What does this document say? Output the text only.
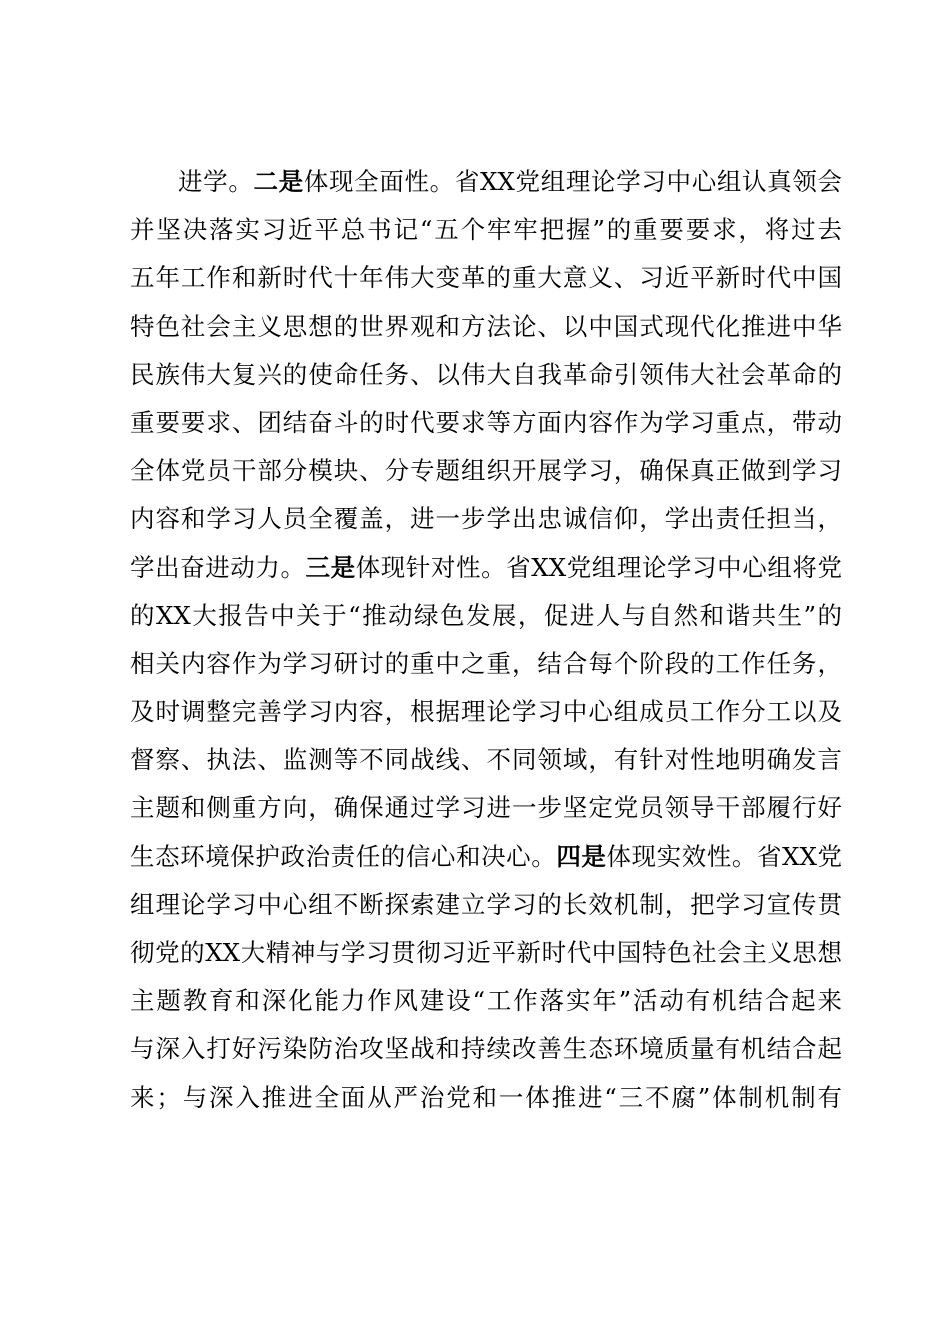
进学。二是体现全面性。省XX党组理论学习中心组认真领会
并坚决落实习近平总书记“五个牢牢把握”的重要要求，将过去
五年工作和新时代十年伟大变革的重大意义、习近平新时代中国
特色社会主义思想的世界观和方法论、以中国式现代化推进中华
民族伟大复兴的使命任务、以伟大自我革命引领伟大社会革命的
重要要求、团结奋斗的时代要求等方面内容作为学习重点，带动
全体党员干部分模块、分专题组织开展学习，确保真正做到学习
内容和学习人员全覆盖，进一步学出忠诚信仰，学出责任担当，
学出奋进动力。三是体现针对性。省XX党组理论学习中心组将党
的XX大报告中关于“推动绿色发展，促进人与自然和谐共生”的
相关内容作为学习研讨的重中之重，结合每个阶段的工作任务，
及时调整完善学习内容，根据理论学习中心组成员工作分工以及
督察、执法、监测等不同战线、不同领域，有针对性地明确发言
主题和侧重方向，确保通过学习进一步坚定党员领导干部履行好
生态环境保护政治责任的信心和决心。四是体现实效性。省XX党
组理论学习中心组不断探索建立学习的长效机制，把学习宣传贯
彻党的XX大精神与学习贯彻习近平新时代中国特色社会主义思想
主题教育和深化能力作风建设“工作落实年”活动有机结合起来
与深入打好污染防治攻坚战和持续改善生态环境质量有机结合起
来；与深入推进全面从严治党和一体推进“三不腐”体制机制有
